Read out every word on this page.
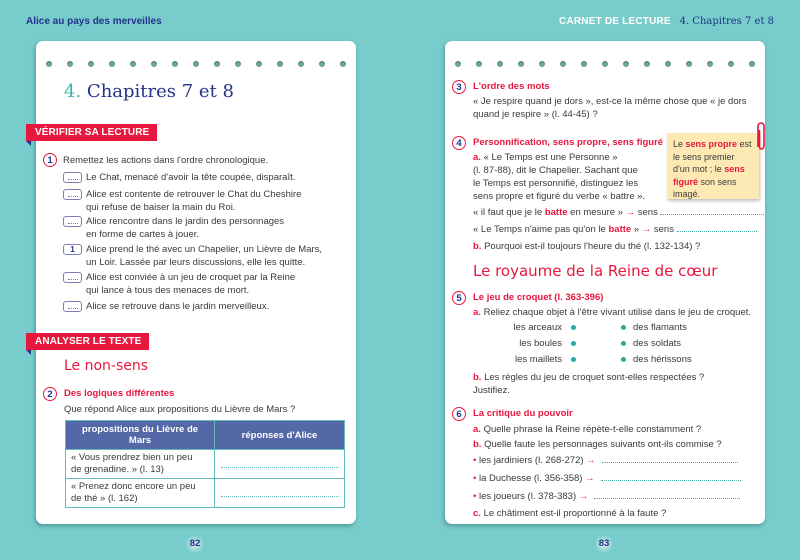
Alice au pays des merveilles	CARNET DE LECTURE 4. Chapitres 7 et 8
4. Chapitres 7 et 8
VÉRIFIER SA LECTURE
1	Remettez les actions dans l'ordre chronologique.
Le Chat, menacé d'avoir la tête coupée, disparaît.
Alice est contente de retrouver le Chat du Cheshire
qui refuse de baiser la main du Roi.
Alice rencontre dans le jardin des personnages
en forme de cartes à jouer.
1	Alice prend le thé avec un Chapelier, un Lièvre de Mars,
un Loir. Lassée par leurs discussions, elle les quitte.
Alice est conviée à un jeu de croquet par la Reine
qui lance à tous des menaces de mort.
Alice se retrouve dans le jardin merveilleux.
ANALYSER LE TEXTE
Le non-sens
2	Des logiques différentes
Que répond Alice aux propositions du Lièvre de Mars ?
propositions du Lièvre de Mars	réponses d'Alice

« Vous prendrez bien un peu
de grenadine. » (l. 13)	

« Prenez donc encore un peu
de thé » (l. 162)	

82
3	L'ordre des mots
« Je respire quand je dors », est-ce la même chose que « je dors
quand je respire » (l. 44-45) ?
4	Personnification, sens propre, sens figuré
a. « Le Temps est une Personne »
(l. 87-88), dit le Chapelier. Sachant que
le Temps est personnifié, distinguez les
sens propre et figuré du verbe « battre ».
« il faut que je le batte en mesure » → sens
« Le Temps n'aime pas qu'on le batte » → sens
b. Pourquoi est-il toujours l'heure du thé (l. 132-134) ?
Le sens propre est le sens premier d'un mot ; le sens figuré son sens imagé.
Le royaume de la Reine de cœur
5	Le jeu de croquet (l. 363-396)
a. Reliez chaque objet à l'être vivant utilisé dans le jeu de croquet.
les arceaux	des flamants
les boules	des soldats
les maillets	des hérissons
b. Les règles du jeu de croquet sont-elles respectées ?
Justifiez.
6	La critique du pouvoir
a. Quelle phrase la Reine répète-t-elle constamment ?
b. Quelle faute les personnages suivants ont-ils commise ?
• les jardiniers (l. 268-272) →
• la Duchesse (l. 356-358) →
• les joueurs (l. 378-383) →
c. Le châtiment est-il proportionné à la faute ?
83
